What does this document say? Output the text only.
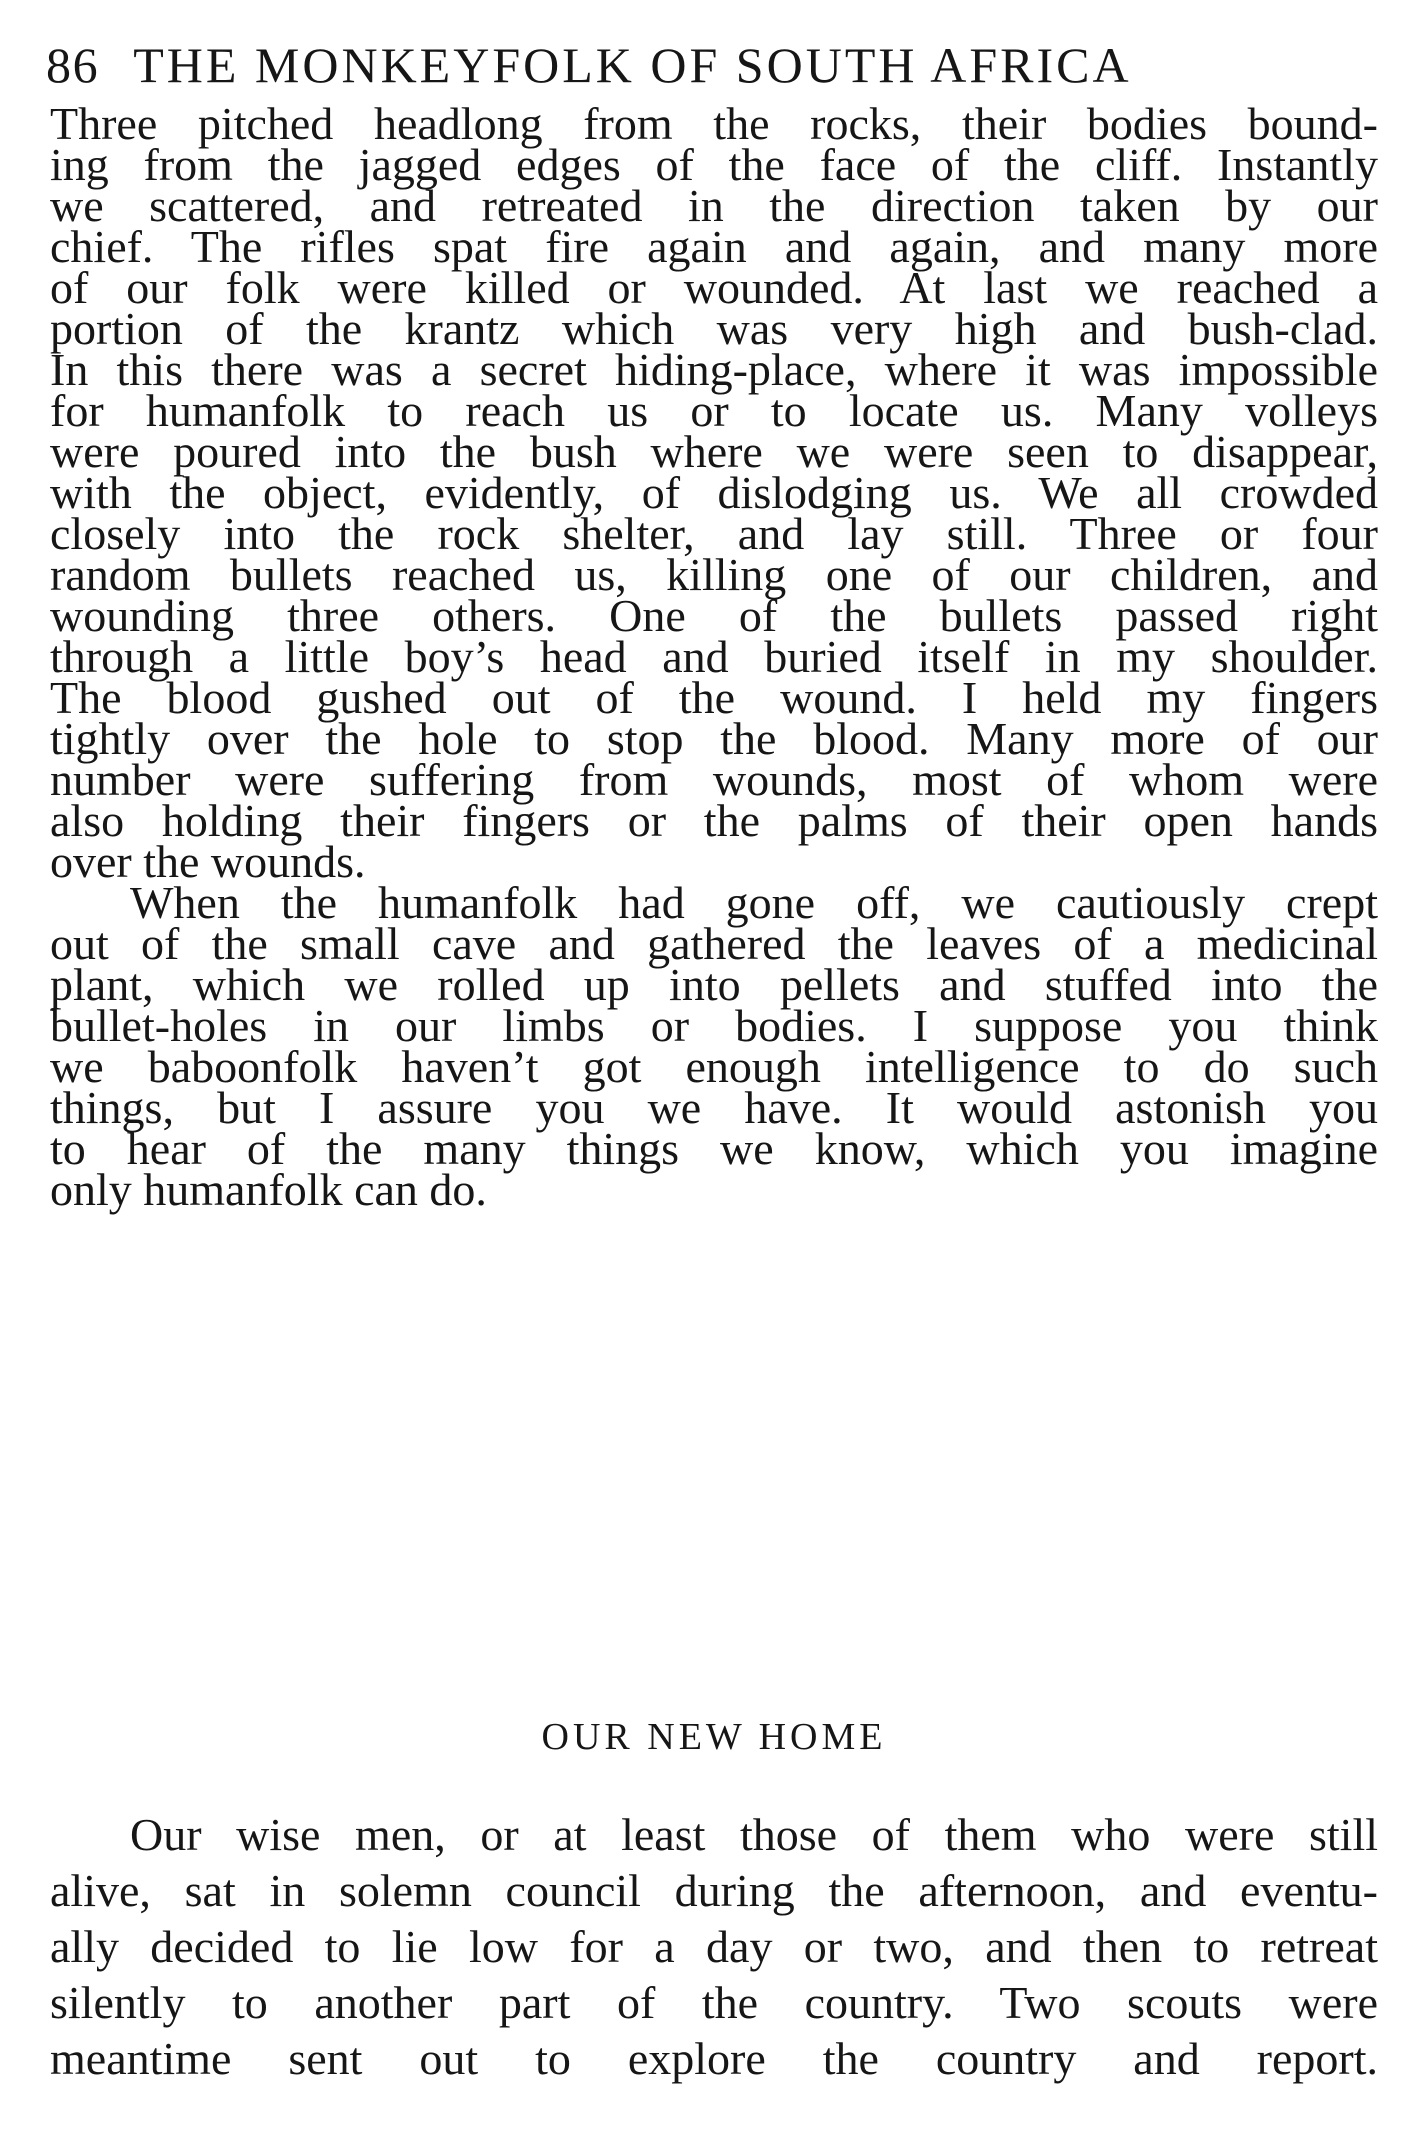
86 THE MONKEYFOLK OF SOUTH AFRICA
Three pitched headlong from the rocks, their bodies bound-
ing from the jagged edges of the face of the cliff. Instantly
we scattered, and retreated in the direction taken by our
chief. The rifles spat fire again and again, and many more
of our folk were killed or wounded. At last we reached a
portion of the krantz which was very high and bush-clad.
In this there was a secret hiding-place, where it was impossible
for humanfolk to reach us or to locate us. Many volleys
were poured into the bush where we were seen to disappear,
with the object, evidently, of dislodging us. We all crowded
closely into the rock shelter, and lay still. Three or four
random bullets reached us, killing one of our children, and
wounding three others. One of the bullets passed right
through a little boy’s head and buried itself in my shoulder.
The blood gushed out of the wound. I held my fingers
tightly over the hole to stop the blood. Many more of our
number were suffering from wounds, most of whom were
also holding their fingers or the palms of their open hands
over the wounds.
When the humanfolk had gone off, we cautiously crept
out of the small cave and gathered the leaves of a medicinal
plant, which we rolled up into pellets and stuffed into the
bullet-holes in our limbs or bodies. I suppose you think
we baboonfolk haven’t got enough intelligence to do such
things, but I assure you we have. It would astonish you
to hear of the many things we know, which you imagine
only humanfolk can do.
OUR NEW HOME
Our wise men, or at least those of them who were still
alive, sat in solemn council during the afternoon, and eventu-
ally decided to lie low for a day or two, and then to retreat
silently to another part of the country. Two scouts were
meantime sent out to explore the country and report.
